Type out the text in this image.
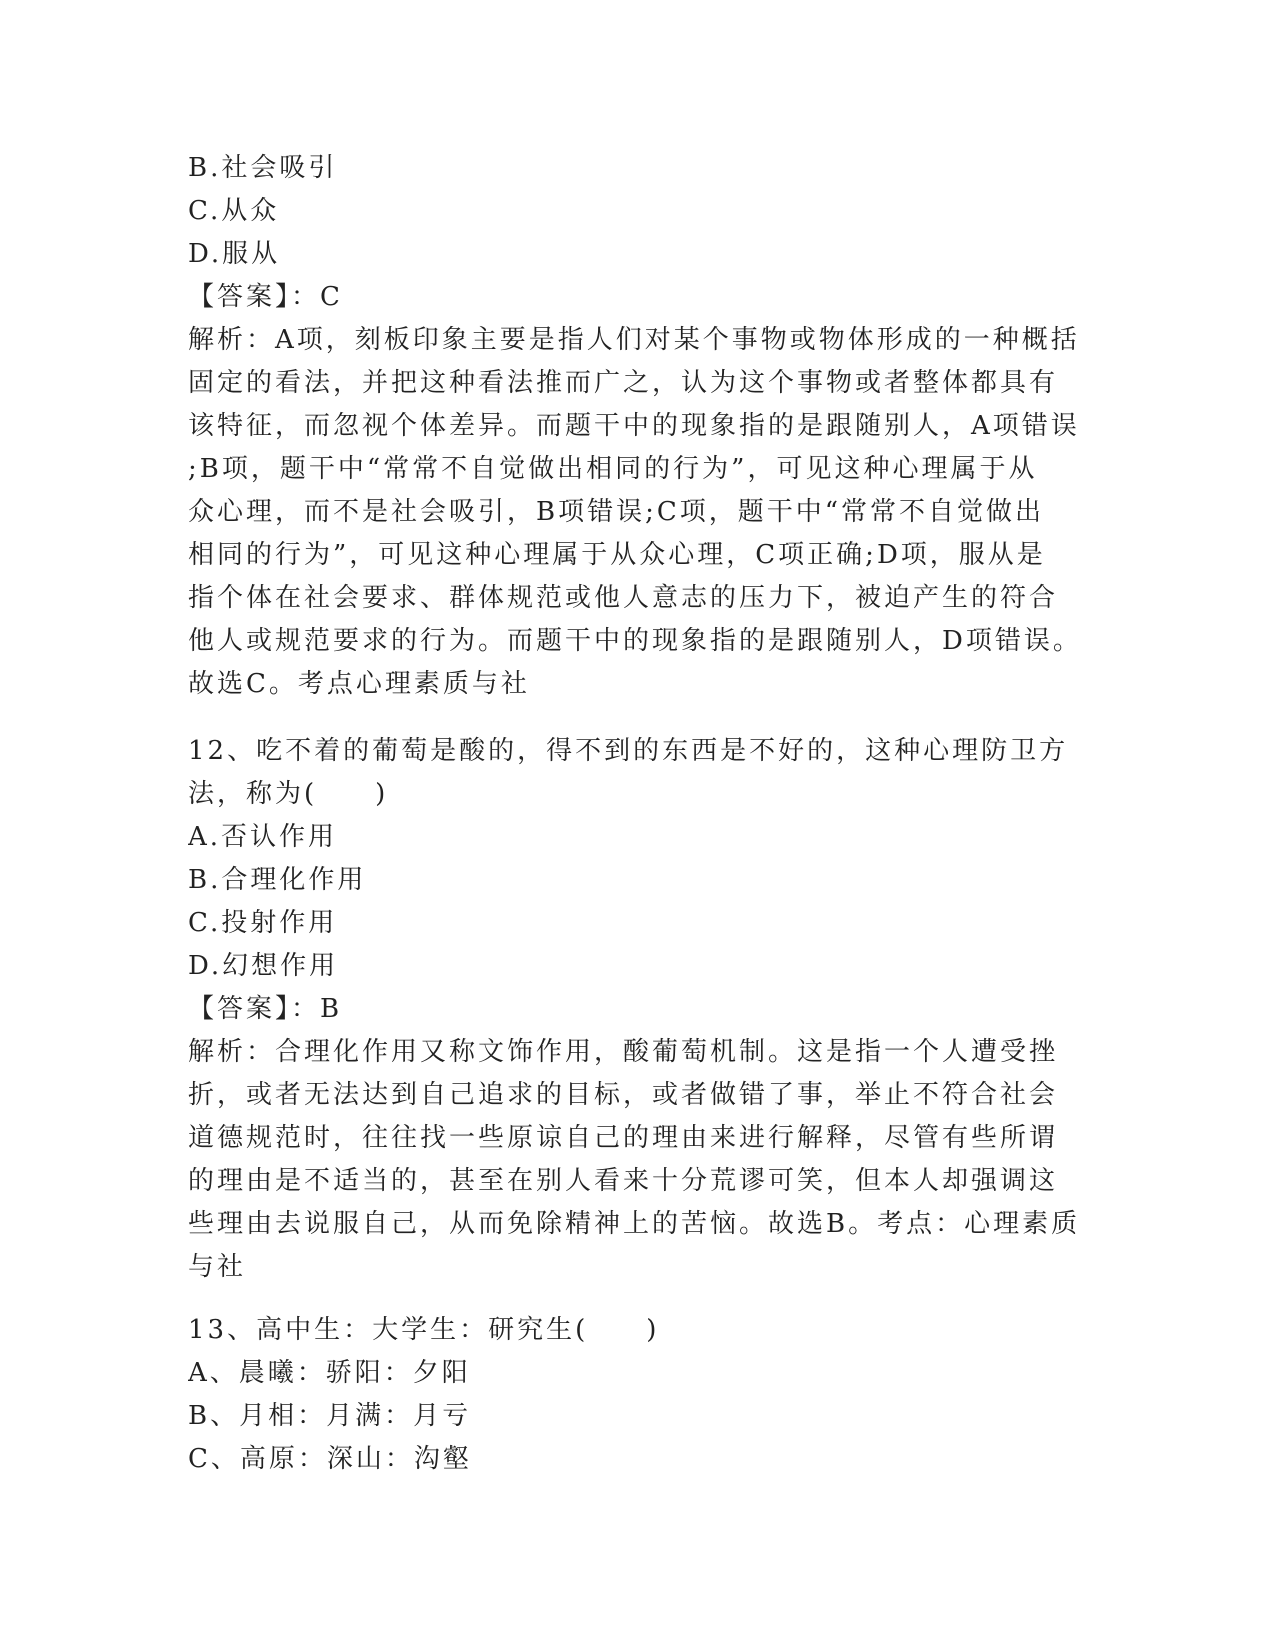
B.社会吸引
C.从众
D.服从
【答案】：C
解析：A项，刻板印象主要是指人们对某个事物或物体形成的一种概括
固定的看法，并把这种看法推而广之，认为这个事物或者整体都具有
该特征，而忽视个体差异。而题干中的现象指的是跟随别人，A项错误
;B项，题干中“常常不自觉做出相同的行为”，可见这种心理属于从
众心理，而不是社会吸引，B项错误;C项，题干中“常常不自觉做出
相同的行为”，可见这种心理属于从众心理，C项正确;D项，服从是
指个体在社会要求、群体规范或他人意志的压力下，被迫产生的符合
他人或规范要求的行为。而题干中的现象指的是跟随别人，D项错误。
故选C。考点心理素质与社
12、吃不着的葡萄是酸的，得不到的东西是不好的，这种心理防卫方
法，称为(　　)
A.否认作用
B.合理化作用
C.投射作用
D.幻想作用
【答案】：B
解析：合理化作用又称文饰作用，酸葡萄机制。这是指一个人遭受挫
折，或者无法达到自己追求的目标，或者做错了事，举止不符合社会
道德规范时，往往找一些原谅自己的理由来进行解释，尽管有些所谓
的理由是不适当的，甚至在别人看来十分荒谬可笑，但本人却强调这
些理由去说服自己，从而免除精神上的苦恼。故选B。考点：心理素质
与社
13、高中生：大学生：研究生(　　)
A、晨曦：骄阳：夕阳
B、月相：月满：月亏
C、高原：深山：沟壑
